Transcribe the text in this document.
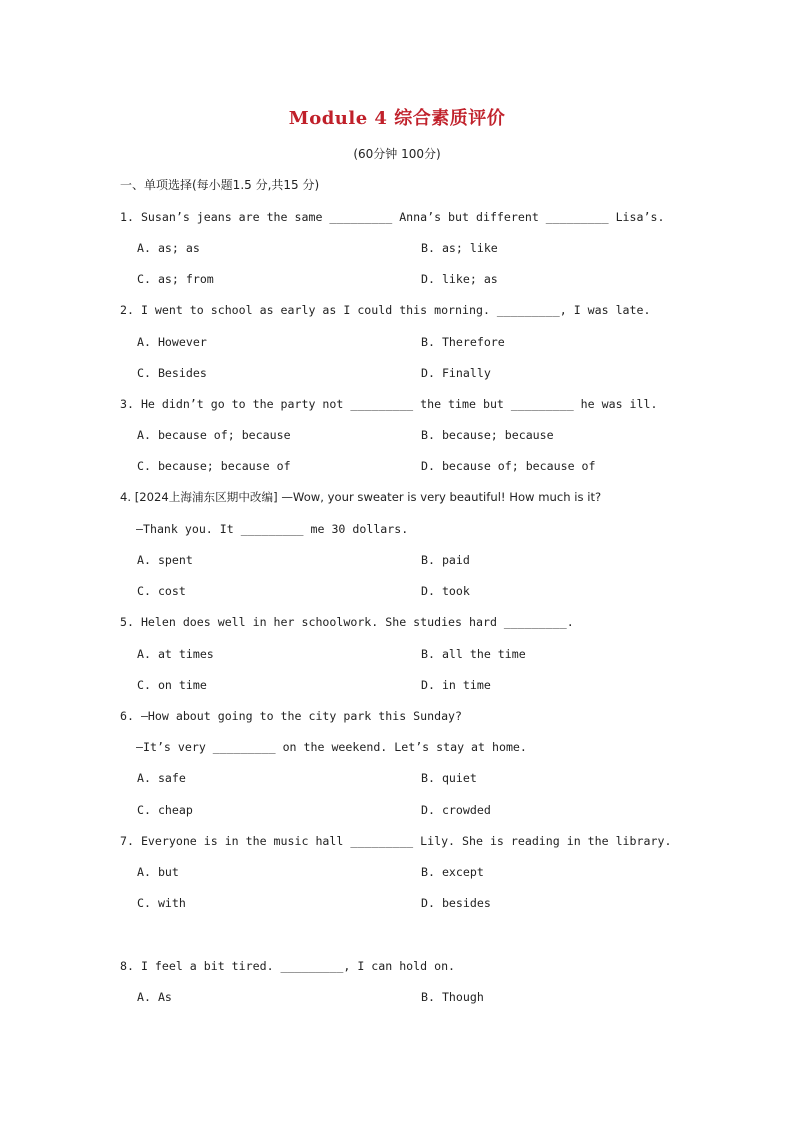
Module 4 综合素质评价
(60分钟 100分)
一、单项选择(每小题1.5 分,共15 分)
1. Susan’s jeans are the same _________ Anna’s but different _________ Lisa’s.
A. as; as	B. as; like
C. as; from	D. like; as
2. I went to school as early as I could this morning. _________, I was late.
A. However	B. Therefore
C. Besides	D. Finally
3. He didn’t go to the party not _________ the time but _________ he was ill.
A. because of; because	B. because; because
C. because; because of	D. because of; because of
4. [2024上海浦东区期中改编] —Wow, your sweater is very beautiful! How much is it?
—Thank you. It _________ me 30 dollars.
A. spent	B. paid
C. cost	D. took
5. Helen does well in her schoolwork. She studies hard _________.
A. at times	B. all the time
C. on time	D. in time
6. —How about going to the city park this Sunday?
—It’s very _________ on the weekend. Let’s stay at home.
A. safe	B. quiet
C. cheap	D. crowded
7. Everyone is in the music hall _________ Lily. She is reading in the library.
A. but	B. except
C. with	D. besides
8. I feel a bit tired. _________, I can hold on.
A. As	B. Though
